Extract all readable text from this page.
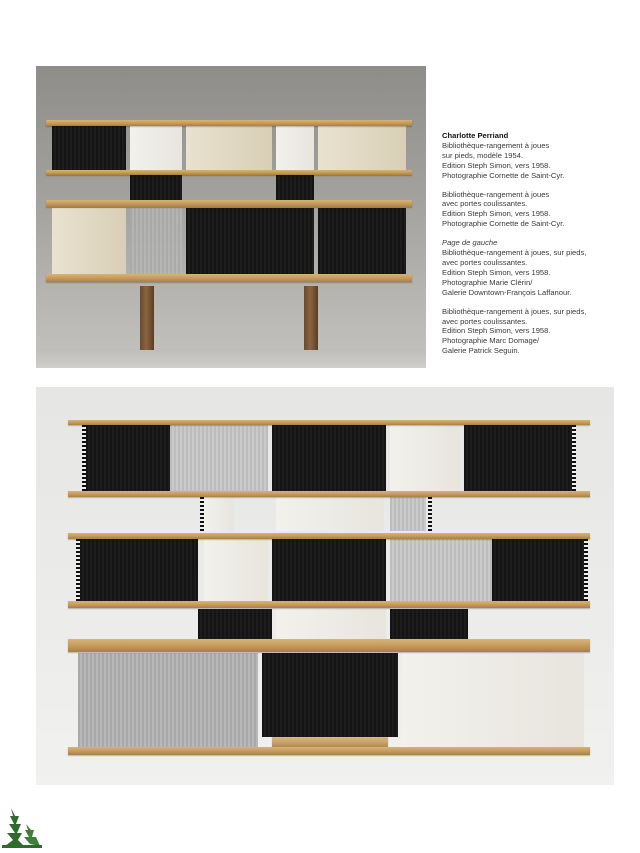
Charlotte Perriand
Bibliothèque-rangement à joues
sur pieds, modèle 1954.
Edition Steph Simon, vers 1958.
Photographie Cornette de Saint-Cyr.

Bibliothèque-rangement à joues
avec portes coulissantes.
Edition Steph Simon, vers 1958.
Photographie Cornette de Saint-Cyr.

Page de gauche
Bibliothèque-rangement à joues, sur pieds,
avec portes coulissantes.
Edition Steph Simon, vers 1958.
Photographie Marie Clérin/
Galerie Downtown-François Laffanour.

Bibliothèque-rangement à joues, sur pieds,
avec portes coulissantes.
Edition Steph Simon, vers 1958.
Photographie Marc Domage/
Galerie Patrick Seguin.
